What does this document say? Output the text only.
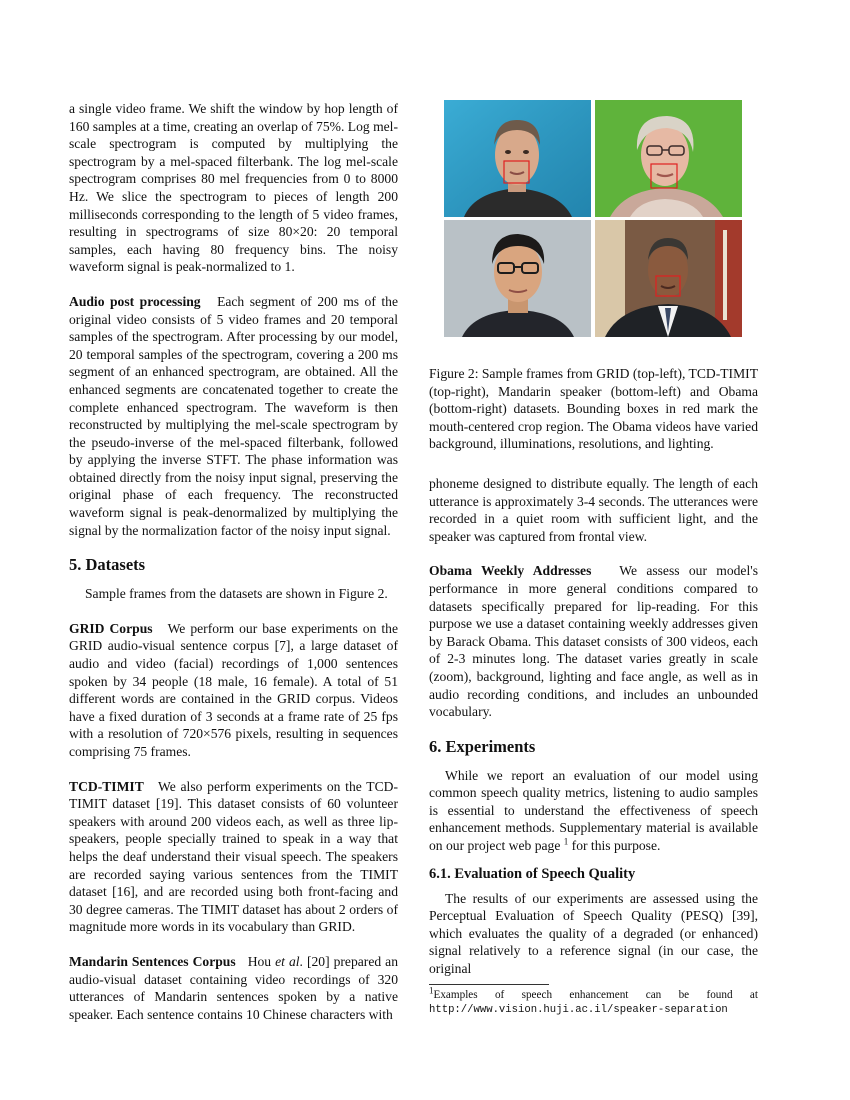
a single video frame. We shift the window by hop length of 160 samples at a time, creating an overlap of 75%. Log mel-scale spectrogram is computed by multiplying the spectrogram by a mel-spaced filterbank. The log mel-scale spectrogram comprises 80 mel frequencies from 0 to 8000 Hz. We slice the spectrogram to pieces of length 200 milliseconds corresponding to the length of 5 video frames, resulting in spectrograms of size 80×20: 20 temporal samples, each having 80 frequency bins. The noisy waveform signal is peak-normalized to 1.

Audio post processing Each segment of 200 ms of the original video consists of 5 video frames and 20 temporal samples of the spectrogram. After processing by our model, 20 temporal samples of the spectrogram, covering a 200 ms segment of an enhanced spectrogram, are obtained. All the enhanced segments are concatenated together to create the complete enhanced spectrogram. The waveform is then reconstructed by multiplying the mel-scale spectrogram by the pseudo-inverse of the mel-spaced filterbank, followed by applying the inverse STFT. The phase information was obtained directly from the noisy input signal, preserving the original phase of each frequency. The reconstructed waveform signal is peak-denormalized by multiplying the signal by the normalization factor of the noisy input signal.

5. Datasets

Sample frames from the datasets are shown in Figure 2.

GRID Corpus We perform our base experiments on the GRID audio-visual sentence corpus [7], a large dataset of audio and video (facial) recordings of 1,000 sentences spoken by 34 people (18 male, 16 female). A total of 51 different words are contained in the GRID corpus. Videos have a fixed duration of 3 seconds at a frame rate of 25 fps with a resolution of 720×576 pixels, resulting in sequences comprising 75 frames.

TCD-TIMIT We also perform experiments on the TCD-TIMIT dataset [19]. This dataset consists of 60 volunteer speakers with around 200 videos each, as well as three lip-speakers, people specially trained to speak in a way that helps the deaf understand their visual speech. The speakers are recorded saying various sentences from the TIMIT dataset [16], and are recorded using both front-facing and 30 degree cameras. The TIMIT dataset has about 2 orders of magnitude more words in its vocabulary than GRID.

Mandarin Sentences Corpus Hou et al. [20] prepared an audio-visual dataset containing video recordings of 320 utterances of Mandarin sentences spoken by a native speaker. Each sentence contains 10 Chinese characters with

Figure 2: Sample frames from GRID (top-left), TCD-TIMIT (top-right), Mandarin speaker (bottom-left) and Obama (bottom-right) datasets. Bounding boxes in red mark the mouth-centered crop region. The Obama videos have varied background, illuminations, resolutions, and lighting.

phoneme designed to distribute equally. The length of each utterance is approximately 3-4 seconds. The utterances were recorded in a quiet room with sufficient light, and the speaker was captured from frontal view.

Obama Weekly Addresses We assess our model's performance in more general conditions compared to datasets specifically prepared for lip-reading. For this purpose we use a dataset containing weekly addresses given by Barack Obama. This dataset consists of 300 videos, each of 2-3 minutes long. The dataset varies greatly in scale (zoom), background, lighting and face angle, as well as in audio recording conditions, and includes an unbounded vocabulary.

6. Experiments

While we report an evaluation of our model using common speech quality metrics, listening to audio samples is essential to understand the effectiveness of speech enhancement methods. Supplementary material is available on our project web page $^1$ for this purpose.

6.1. Evaluation of Speech Quality

The results of our experiments are assessed using the Perceptual Evaluation of Speech Quality (PESQ) [39], which evaluates the quality of a degraded (or enhanced) signal relatively to a reference signal (in our case, the original

$^1$Examples of speech enhancement can be found at http://www.vision.huji.ac.il/speaker-separation
